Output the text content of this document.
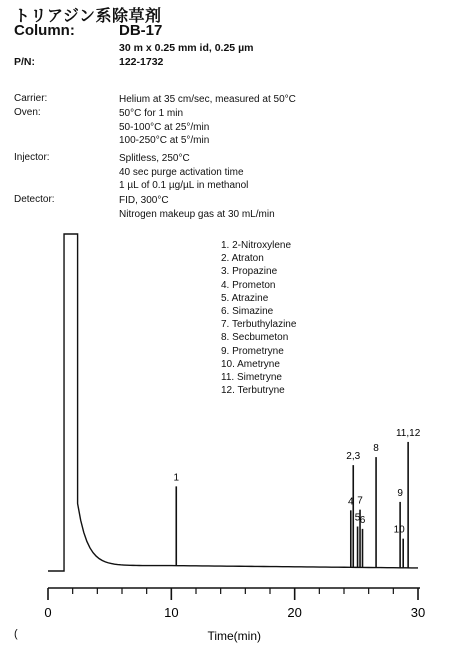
トリアジン系除草剤
Column:	DB-17
30 m x 0.25 mm id, 0.25 µm
P/N:	122-1732
Carrier:	Helium at 35 cm/sec, measured at 50°C
Oven:	50°C for 1 min
50-100°C at 25°/min
100-250°C at 5°/min
Injector:	Splitless, 250°C
40 sec purge activation time
1 µL of 0.1 µg/µL in methanol
Detector:	FID, 300°C
Nitrogen makeup gas at 30 mL/min
1. 2-Nitroxylene
2. Atraton
3. Propazine
4. Prometon
5. Atrazine
6. Simazine
7. Terbuthylazine
8. Secbumeton
9. Prometryne
10. Ametryne
11. Simetryne
12. Terbutryne
0	10	20	30
Time(min)
1
2,3
4
5
7
6
8
9
10
11,12
(
